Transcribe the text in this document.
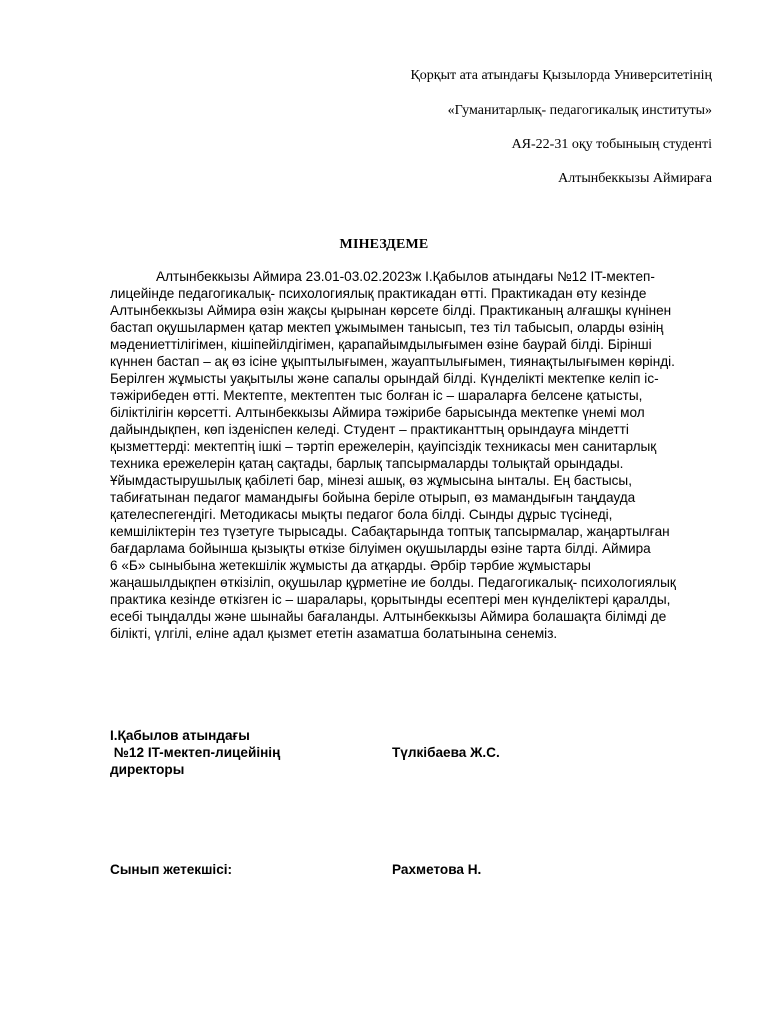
Қорқыт ата атындағы Қызылорда Университетінің
«Гуманитарлық- педагогикалық институты»
АЯ-22-31 оқу тобыныың студенті
Алтынбеккызы Аймираға
МІНЕЗДЕМЕ
Алтынбеккызы Аймира 23.01-03.02.2023ж І.Қабылов атындағы №12 IT-мектеп-
лицейінде педагогикалық- психологиялық практикадан өтті. Практикадан өту кезінде
Алтынбеккызы Аймира өзін жақсы қырынан көрсете білді. Практиканың алғашқы күнінен
бастап оқушылармен қатар мектеп ұжымымен танысып, тез тіл табысып, оларды өзінің
мәдениеттілігімен, кішіпейілдігімен, қарапайымдылығымен өзіне баурай білді. Бірінші
күннен бастап – ақ өз ісіне ұқыптылығымен, жауаптылығымен, тиянақтылығымен көрінді.
Берілген жұмысты уақытылы және сапалы орындай білді. Күнделікті мектепке келіп іс-
тәжірибеден өтті. Мектепте, мектептен тыс болған іс – шараларға белсене қатысты,
біліктілігін көрсетті. Алтынбеккызы Аймира тәжірибе барысында мектепке үнемі мол
дайындықпен, көп ізденіспен келеді. Студент – практиканттың орындауға міндетті
қызметтерді: мектептің ішкі – тәртіп ережелерін, қауіпсіздік техникасы мен санитарлық
техника ережелерін қатаң сақтады, барлық тапсырмаларды толықтай орындады.
Ұйымдастырушылық қабілеті бар, мінезі ашық, өз жұмысына ынталы. Ең бастысы,
табиғатынан педагог мамандығы бойына беріле отырып, өз мамандығын таңдауда
қателеспегендігі. Методикасы мықты педагог бола білді. Сынды дұрыс түсінеді,
кемшіліктерін тез түзетуге тырысады. Сабақтарында топтық тапсырмалар, жаңартылған
бағдарлама бойынша қызықты өткізе білуімен оқушыларды өзіне тарта білді. Аймира
6 «Б» сыныбына жетекшілік жұмысты да атқарды. Әрбір тәрбие жұмыстары
жаңашылдықпен өткізіліп, оқушылар құрметіне ие болды. Педагогикалық- психологиялық
практика кезінде өткізген іс – шаралары, қорытынды есептері мен күнделіктері қаралды,
есебі тыңдалды және шынайы бағаланды. Алтынбеккызы Аймира болашақта білімді де
білікті, үлгілі, еліне адал қызмет ететін азаматша болатынына сенеміз.
І.Қабылов атындағы
№12 IT-мектеп-лицейінің
директоры
Түлкібаева Ж.С.
Сынып жетекшісі:	Рахметова Н.
